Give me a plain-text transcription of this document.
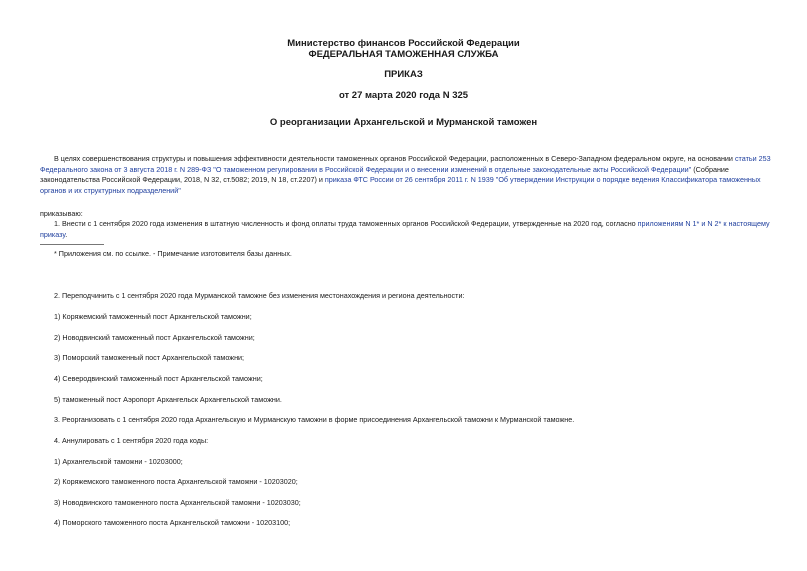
Министерство финансов Российской Федерации
ФЕДЕРАЛЬНАЯ ТАМОЖЕННАЯ СЛУЖБА
ПРИКАЗ
от 27 марта 2020 года N 325
О реорганизации Архангельской и Мурманской таможен
В целях совершенствования структуры и повышения эффективности деятельности таможенных органов Российской Федерации, расположенных в Северо-Западном федеральном округе, на основании статьи 253 Федерального закона от 3 августа 2018 г. N 289-ФЗ "О таможенном регулировании в Российской Федерации и о внесении изменений в отдельные законодательные акты Российской Федерации" (Собрание законодательства Российской Федерации, 2018, N 32, ст.5082; 2019, N 18, ст.2207) и приказа ФТС России от 26 сентября 2011 г. N 1939 "Об утверждении Инструкции о порядке ведения Классификатора таможенных органов и их структурных подразделений"
приказываю:
1. Внести с 1 сентября 2020 года изменения в штатную численность и фонд оплаты труда таможенных органов Российской Федерации, утвержденные на 2020 год, согласно приложениям N 1* и N 2* к настоящему приказу.
* Приложения см. по ссылке. - Примечание изготовителя базы данных.
2. Переподчинить с 1 сентября 2020 года Мурманской таможне без изменения местонахождения и региона деятельности:
1) Коряжемский таможенный пост Архангельской таможни;
2) Новодвинский таможенный пост Архангельской таможни;
3) Поморский таможенный пост Архангельской таможни;
4) Северодвинский таможенный пост Архангельской таможни;
5) таможенный пост Аэропорт Архангельск Архангельской таможни.
3. Реорганизовать с 1 сентября 2020 года Архангельскую и Мурманскую таможни в форме присоединения Архангельской таможни к Мурманской таможне.
4. Аннулировать с 1 сентября 2020 года коды:
1) Архангельской таможни - 10203000;
2) Коряжемского таможенного поста Архангельской таможни - 10203020;
3) Новодвинского таможенного поста Архангельской таможни - 10203030;
4) Поморского таможенного поста Архангельской таможни - 10203100;
